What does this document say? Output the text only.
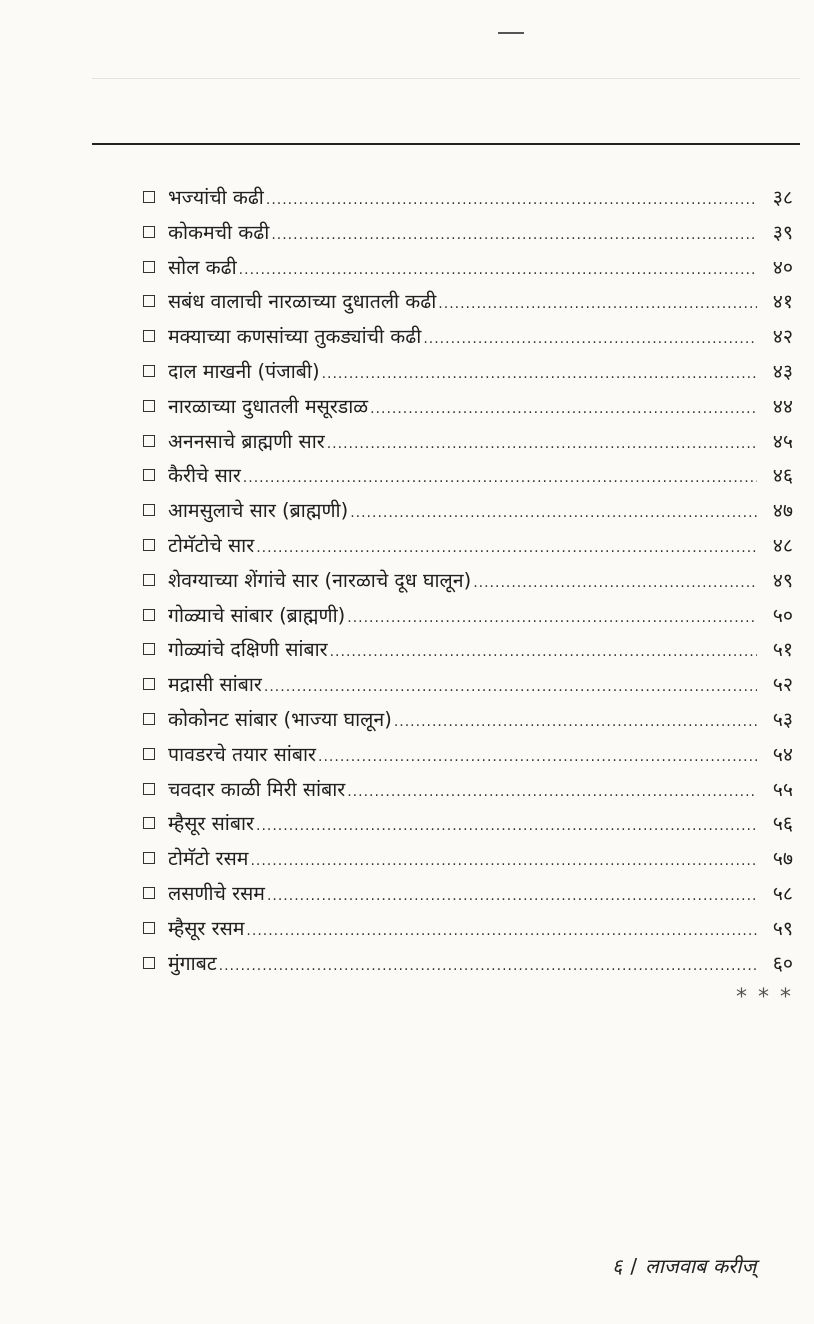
भज्यांची कढी .....	३८
कोकमची कढी .....	३९
सोल कढी .....	४०
सबंध वालाची नारळाच्या दुधातली कढी .....	४१
मक्याच्या कणसांच्या तुकड्यांची कढी .....	४२
दाल माखनी (पंजाबी) .....	४३
नारळाच्या दुधातली मसूरडाळ .....	४४
अननसाचे ब्राह्मणी सार .....	४५
कैरीचे सार .....	४६
आमसुलाचे सार (ब्राह्मणी) .....	४७
टोमॅटोचे सार .....	४८
शेवग्याच्या शेंगांचे सार (नारळाचे दूध घालून) .....	४९
गोळ्याचे सांबार (ब्राह्मणी) .....	५०
गोळ्यांचे दक्षिणी सांबार .....	५१
मद्रासी सांबार .....	५२
कोकोनट सांबार (भाज्या घालून) .....	५३
पावडरचे तयार सांबार .....	५४
चवदार काळी मिरी सांबार .....	५५
म्हैसूर सांबार .....	५६
टोमॅटो रसम .....	५७
लसणीचे रसम .....	५८
म्हैसूर रसम .....	५९
मुंगाबट .....	६०
* * *
६ / लाजवाब करीज्
